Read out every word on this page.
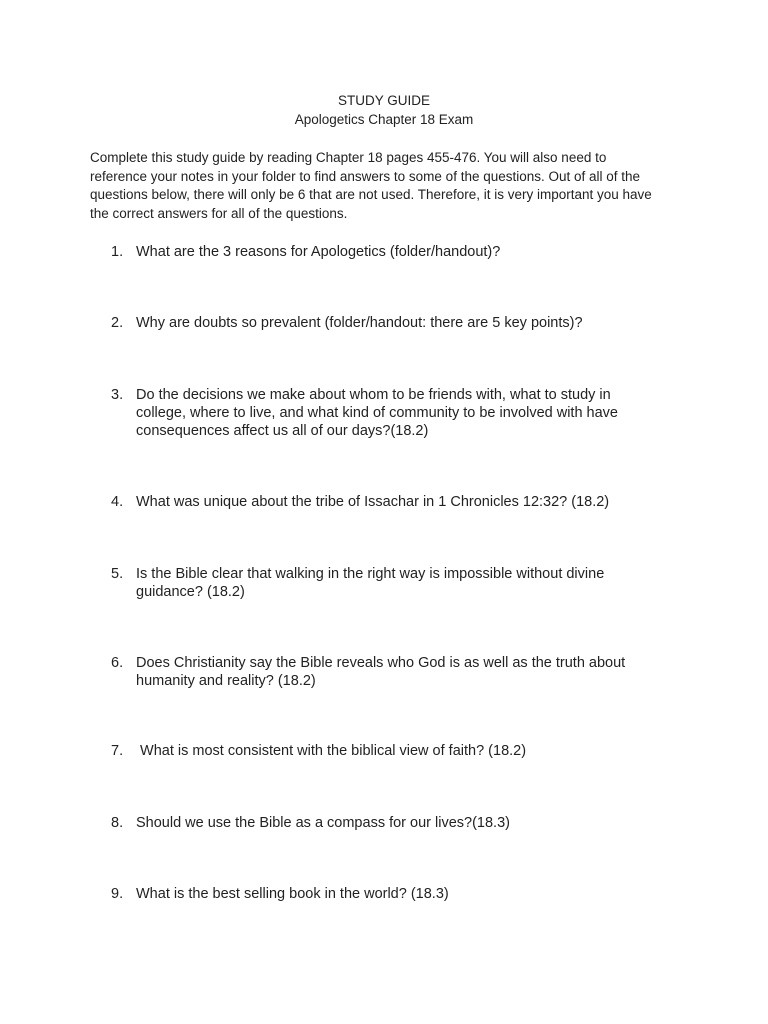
STUDY GUIDE
Apologetics Chapter 18 Exam
Complete this study guide by reading Chapter 18 pages 455-476. You will also need to
reference your notes in your folder to find answers to some of the questions. Out of all of the
questions below, there will only be 6 that are not used. Therefore, it is very important you have
the correct answers for all of the questions.
1. What are the 3 reasons for Apologetics (folder/handout)?
2. Why are doubts so prevalent (folder/handout: there are 5 key points)?
3. Do the decisions we make about whom to be friends with, what to study in
college, where to live, and what kind of community to be involved with have
consequences affect us all of our days?(18.2)
4. What was unique about the tribe of Issachar in 1 Chronicles 12:32? (18.2)
5. Is the Bible clear that walking in the right way is impossible without divine
guidance? (18.2)
6. Does Christianity say the Bible reveals who God is as well as the truth about
humanity and reality? (18.2)
7. What is most consistent with the biblical view of faith? (18.2)
8. Should we use the Bible as a compass for our lives?(18.3)
9. What is the best selling book in the world? (18.3)
